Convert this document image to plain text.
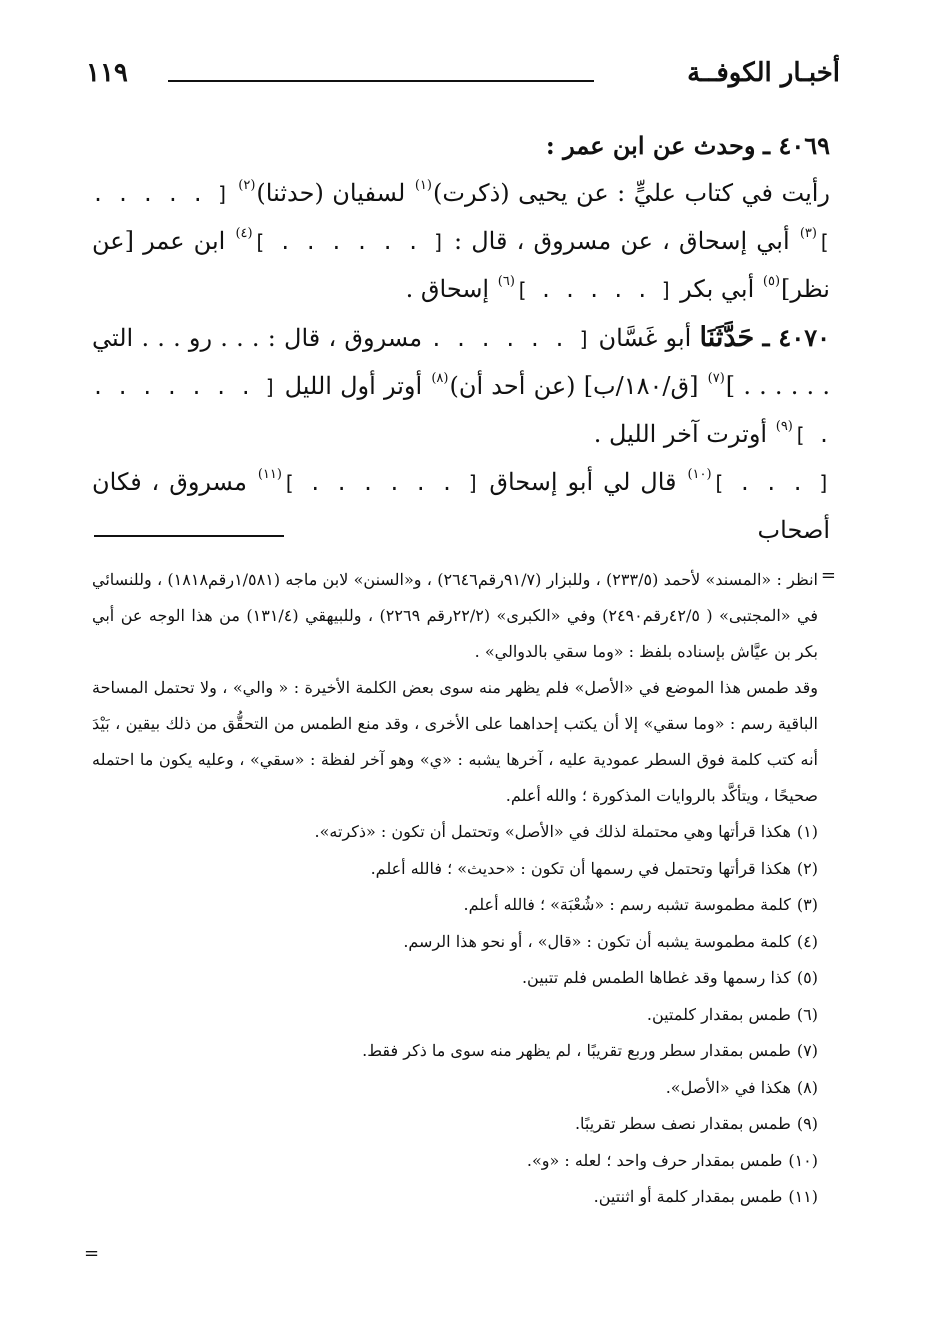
أخبـار الكوفــة
١١٩

٤٠٦٩ ـ وحدث عن ابن عمر :
رأيت في كتاب عليٍّ : عن يحيى (ذكرت)$^{(١)}$ لسفيان (حدثنا)$^{(٢)}$ [ . . . . . ]$^{(٣)}$ أبي إسحاق ، عن مسروق ، قال : [ . . . . . . ]$^{(٤)}$ ابن عمر [عن نظر]$^{(٥)}$ أبي بكر [ . . . . . ]$^{(٦)}$ إسحاق .

٤٠٧٠ ـ حَدَّثَنَا أبو غَسَّان [ . . . . . . مسروق ، قال : . . . رو . . . التي . . . . . . ]$^{(٧)}$ [ق/١٨٠/ب] (عن أحد أن)$^{(٨)}$ أوتر أول الليل [ . . . . . . . . ]$^{(٩)}$ أوترت آخر الليل .

[ . . . ]$^{(١٠)}$ قال لي أبو إسحاق [ . . . . . . ]$^{(١١)}$ مسروق ، فكان أصحاب

=

انظر : «المسند» لأحمد (٢٣٣/٥) ، وللبزار (٩١/٧رقم٢٦٤٦) ، و«السنن» لابن ماجه (١/٥٨١رقم١٨١٨) ، وللنسائي في «المجتبى» ( ٤٢/٥رقم٢٤٩٠) وفي «الكبرى» (٢٢/٢رقم ٢٢٦٩) ، وللبيهقي (١٣١/٤) من هذا الوجه عن أبي بكر بن عيَّاش بإسناده بلفظ : «وما سقي بالدوالي» .

وقد طمس هذا الموضع في «الأصل» فلم يظهر منه سوى بعض الكلمة الأخيرة : « والي» ، ولا تحتمل المساحة الباقية رسم : «وما سقي» إلا أن يكتب إحداهما على الأخرى ، وقد منع الطمس من التحقُّق من ذلك بيقين ، بَيْدَ أنه كتب كلمة فوق السطر عمودية عليه ، آخرها يشبه : «ي» وهو آخر لفظة : «سقي» ، وعليه يكون ما احتمله صحيحًا ، ويتأكَّد بالروايات المذكورة ؛ والله أعلم.

(١)هكذا قرأتها وهي محتملة لذلك في «الأصل» وتحتمل أن تكون : «ذكرته».
(٢)هكذا قرأتها وتحتمل في رسمها أن تكون : «حديث» ؛ فالله أعلم.
(٣)كلمة مطموسة تشبه رسم : «شُعْبَة» ؛ فالله أعلم.
(٤)كلمة مطموسة يشبه أن تكون : «قال» ، أو نحو هذا الرسم.
(٥)كذا رسمها وقد غطاها الطمس فلم تتبين.
(٦)طمس بمقدار كلمتين.
(٧)طمس بمقدار سطر وربع تقريبًا ، لم يظهر منه سوى ما ذكر فقط.
(٨)هكذا في «الأصل».
(٩)طمس بمقدار نصف سطر تقريبًا.
(١٠)طمس بمقدار حرف واحد ؛ لعله : «و».
(١١)طمس بمقدار كلمة أو اثنتين.
=
